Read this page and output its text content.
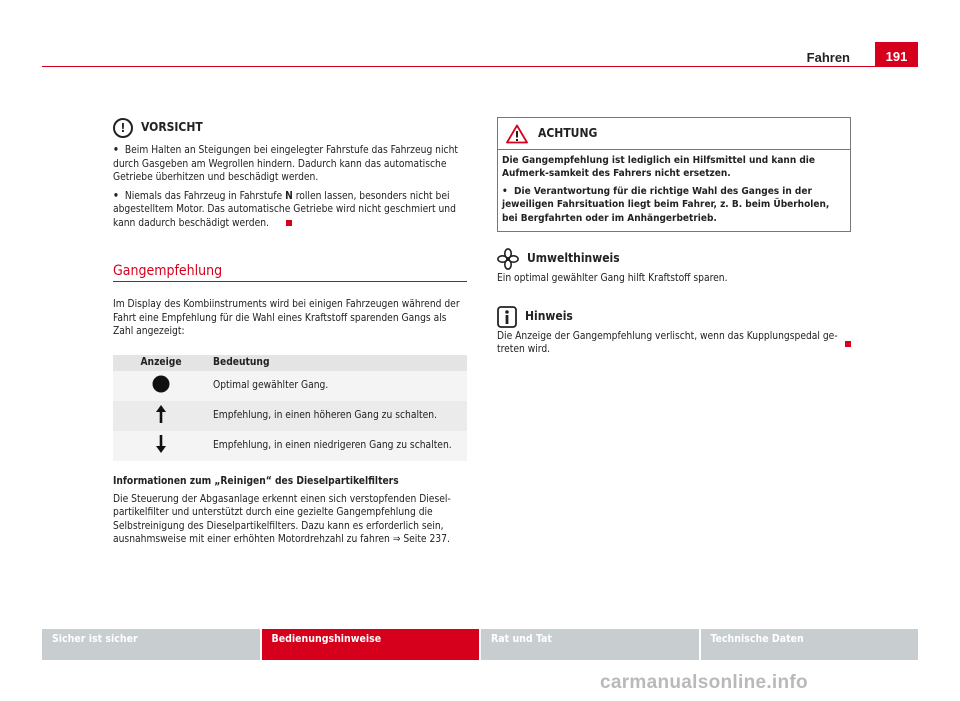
Fahren	191
!	VORSICHT
• Beim Halten an Steigungen bei eingelegter Fahrstufe das Fahrzeug nicht durch Gasgeben am Wegrollen hindern. Dadurch kann das automatische Getriebe überhitzen und beschädigt werden.
• Niemals das Fahrzeug in Fahrstufe N rollen lassen, besonders nicht bei abgestelltem Motor. Das automatische Getriebe wird nicht geschmiert und kann dadurch beschädigt werden.
Gangempfehlung
Im Display des Kombiinstruments wird bei einigen Fahrzeugen während der Fahrt eine Empfehlung für die Wahl eines Kraftstoff sparenden Gangs als Zahl angezeigt:
Anzeige	Bedeutung
	Optimal gewählter Gang.
	Empfehlung, in einen höheren Gang zu schalten.
	Empfehlung, in einen niedrigeren Gang zu schalten.
Informationen zum „Reinigen“ des Dieselpartikelfilters
Die Steuerung der Abgasanlage erkennt einen sich verstopfenden Diesel-partikelfilter und unterstützt durch eine gezielte Gangempfehlung die Selbstreinigung des Dieselpartikelfilters. Dazu kann es erforderlich sein, ausnahmsweise mit einer erhöhten Motordrehzahl zu fahren ⇒ Seite 237.
ACHTUNG

Die Gangempfehlung ist lediglich ein Hilfsmittel und kann die Aufmerk-samkeit des Fahrers nicht ersetzen.

• Die Verantwortung für die richtige Wahl des Ganges in der jeweiligen Fahrsituation liegt beim Fahrer, z. B. beim Überholen, bei Bergfahrten oder im Anhängerbetrieb.

Umwelthinweis
Ein optimal gewählter Gang hilft Kraftstoff sparen.
Hinweis
Die Anzeige der Gangempfehlung verlischt, wenn das Kupplungspedal ge-treten wird.
Sicher ist sicher	Bedienungshinweise	Rat und Tat	Technische Daten
carmanualsonline.info
